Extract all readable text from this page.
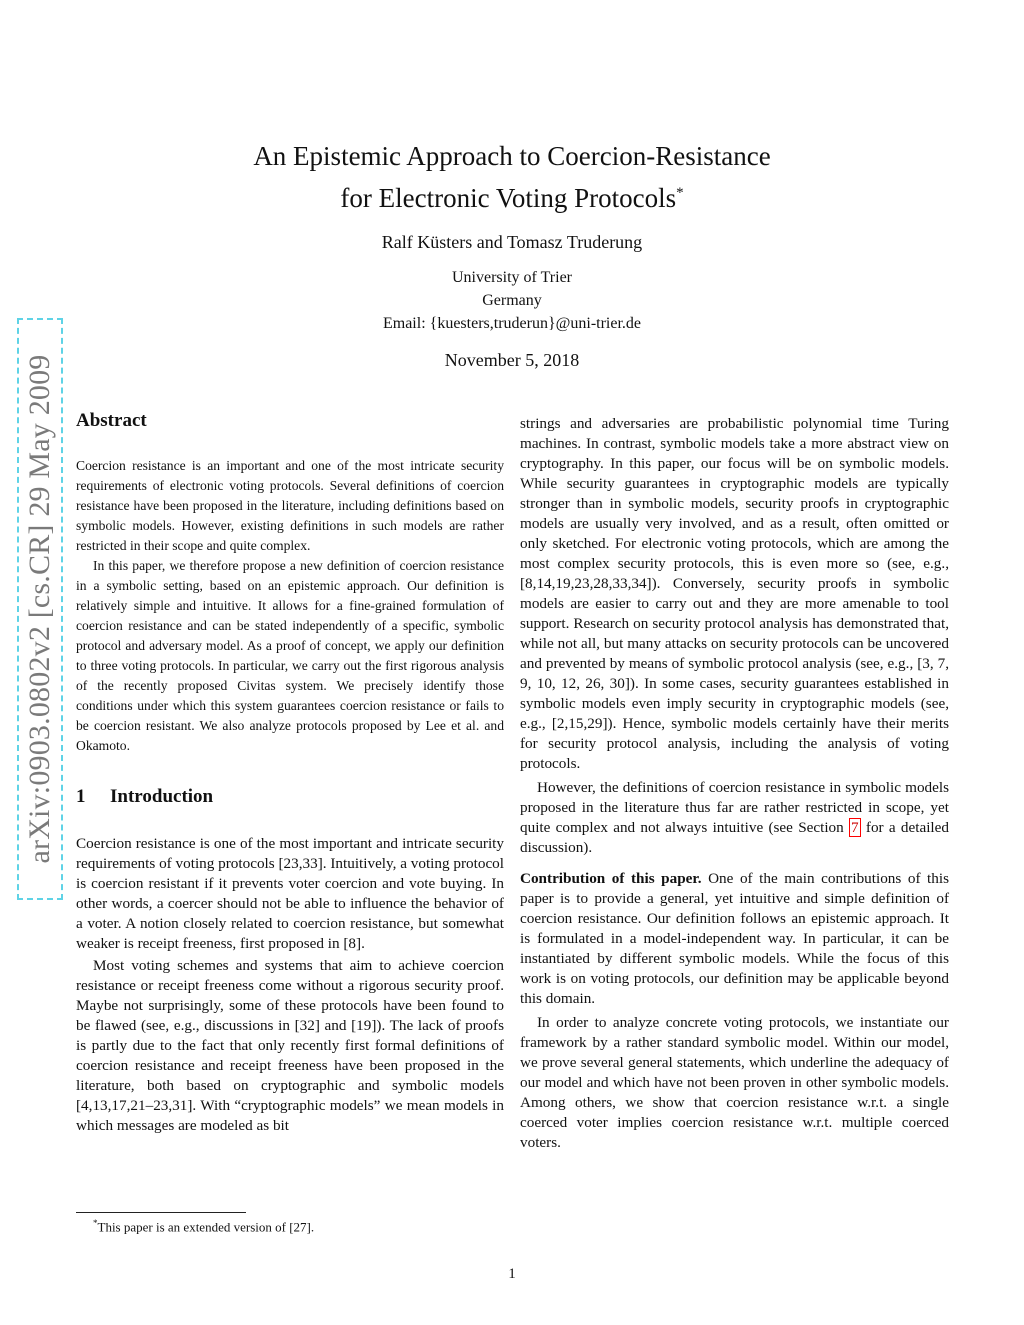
arXiv:0903.0802v2 [cs.CR] 29 May 2009
An Epistemic Approach to Coercion-Resistance
for Electronic Voting Protocols*
Ralf Küsters and Tomasz Truderung
University of Trier
Germany
Email: {kuesters,truderun}@uni-trier.de
November 5, 2018
Abstract

Coercion resistance is an important and one of the most intricate security requirements of electronic voting protocols. Several definitions of coercion resistance have been proposed in the literature, including definitions based on symbolic models. However, existing definitions in such models are rather restricted in their scope and quite complex.

In this paper, we therefore propose a new definition of coercion resistance in a symbolic setting, based on an epistemic approach. Our definition is relatively simple and intuitive. It allows for a fine-grained formulation of coercion resistance and can be stated independently of a specific, symbolic protocol and adversary model. As a proof of concept, we apply our definition to three voting protocols. In particular, we carry out the first rigorous analysis of the recently proposed Civitas system. We precisely identify those conditions under which this system guarantees coercion resistance or fails to be coercion resistant. We also analyze protocols proposed by Lee et al. and Okamoto.

1 Introduction

Coercion resistance is one of the most important and intricate security requirements of voting protocols [23,33]. Intuitively, a voting protocol is coercion resistant if it prevents voter coercion and vote buying. In other words, a coercer should not be able to influence the behavior of a voter. A notion closely related to coercion resistance, but somewhat weaker is receipt freeness, first proposed in [8].

Most voting schemes and systems that aim to achieve coercion resistance or receipt freeness come without a rigorous security proof. Maybe not surprisingly, some of these protocols have been found to be flawed (see, e.g., discussions in [32] and [19]). The lack of proofs is partly due to the fact that only recently first formal definitions of coercion resistance and receipt freeness have been proposed in the literature, both based on cryptographic and symbolic models [4,13,17,21–23,31]. With “cryptographic models” we mean models in which messages are modeled as bit

strings and adversaries are probabilistic polynomial time Turing machines. In contrast, symbolic models take a more abstract view on cryptography. In this paper, our focus will be on symbolic models. While security guarantees in cryptographic models are typically stronger than in symbolic models, security proofs in cryptographic models are usually very involved, and as a result, often omitted or only sketched. For electronic voting protocols, which are among the most complex security protocols, this is even more so (see, e.g., [8,14,19,23,28,33,34]). Conversely, security proofs in symbolic models are easier to carry out and they are more amenable to tool support. Research on security protocol analysis has demonstrated that, while not all, but many attacks on security protocols can be uncovered and prevented by means of symbolic protocol analysis (see, e.g., [3, 7, 9, 10, 12, 26, 30]). In some cases, security guarantees established in symbolic models even imply security in cryptographic models (see, e.g., [2,15,29]). Hence, symbolic models certainly have their merits for security protocol analysis, including the analysis of voting protocols.

However, the definitions of coercion resistance in symbolic models proposed in the literature thus far are rather restricted in scope, yet quite complex and not always intuitive (see Section 7 for a detailed discussion).

Contribution of this paper. One of the main contributions of this paper is to provide a general, yet intuitive and simple definition of coercion resistance. Our definition follows an epistemic approach. It is formulated in a model-independent way. In particular, it can be instantiated by different symbolic models. While the focus of this work is on voting protocols, our definition may be applicable beyond this domain.

In order to analyze concrete voting protocols, we instantiate our framework by a rather standard symbolic model. Within our model, we prove several general statements, which underline the adequacy of our model and which have not been proven in other symbolic models. Among others, we show that coercion resistance w.r.t. a single coerced voter implies coercion resistance w.r.t. multiple coerced voters.

*This paper is an extended version of [27].
1
